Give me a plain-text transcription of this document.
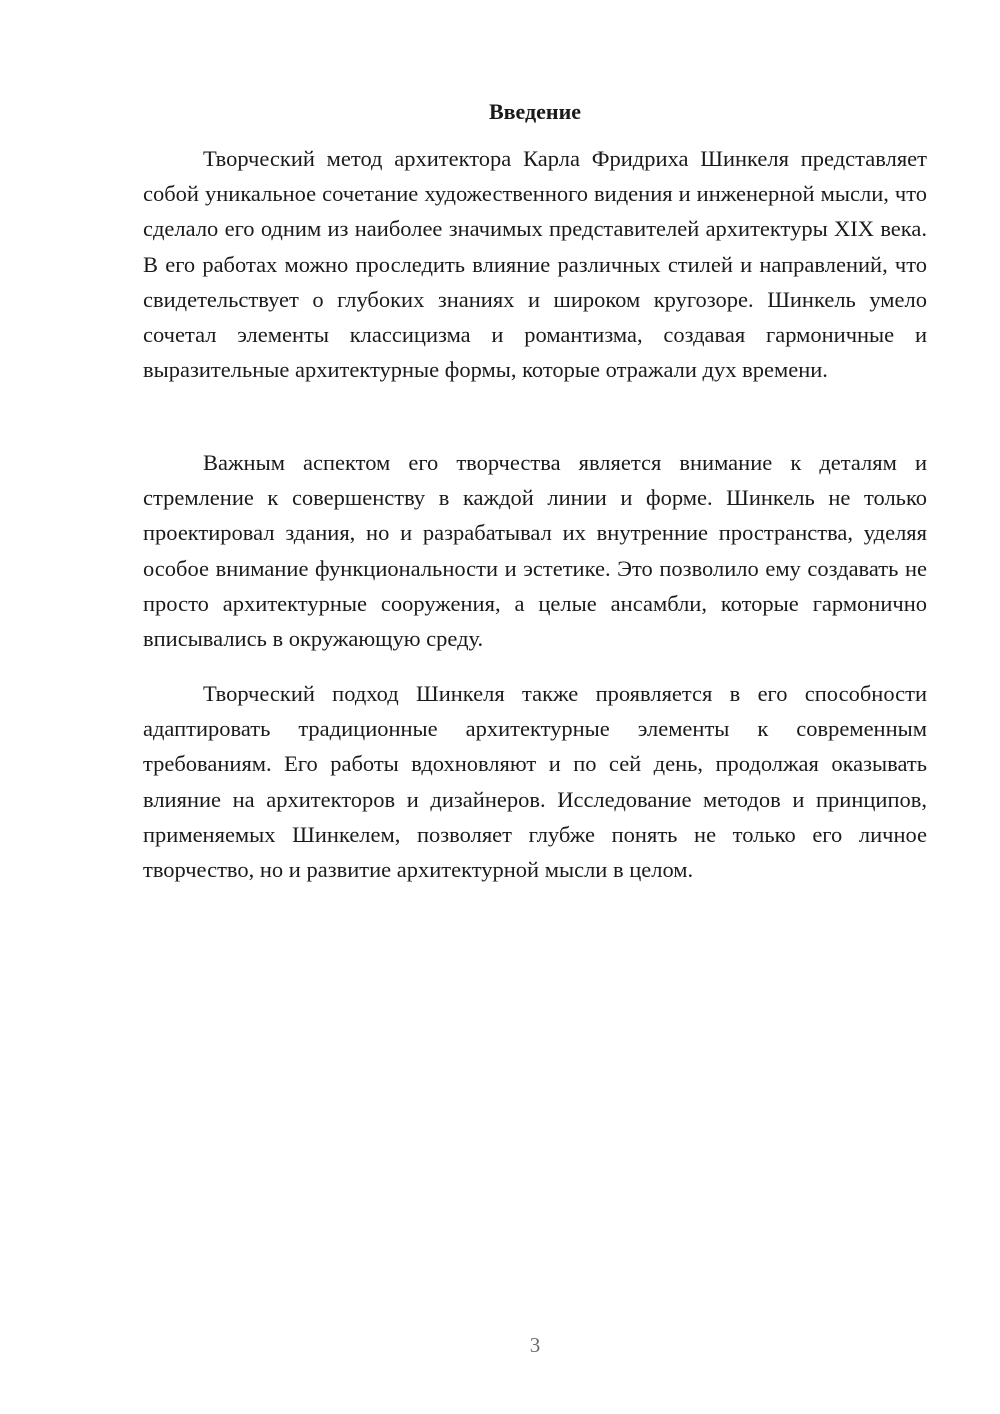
Введение

Творческий метод архитектора Карла Фридриха Шинкеля представляет собой уникальное сочетание художественного видения и инженерной мысли, что сделало его одним из наиболее значимых представителей архитектуры XIX века. В его работах можно проследить влияние различных стилей и направлений, что свидетельствует о глубоких знаниях и широком кругозоре. Шинкель умело сочетал элементы классицизма и романтизма, создавая гармоничные и выразительные архитектурные формы, которые отражали дух времени.

Важным аспектом его творчества является внимание к деталям и стремление к совершенству в каждой линии и форме. Шинкель не только проектировал здания, но и разрабатывал их внутренние пространства, уделяя особое внимание функциональности и эстетике. Это позволило ему создавать не просто архитектурные сооружения, а целые ансамбли, которые гармонично вписывались в окружающую среду.

Творческий подход Шинкеля также проявляется в его способности адаптировать традиционные архитектурные элементы к современным требованиям. Его работы вдохновляют и по сей день, продолжая оказывать влияние на архитекторов и дизайнеров. Исследование методов и принципов, применяемых Шинкелем, позволяет глубже понять не только его личное творчество, но и развитие архитектурной мысли в целом.

3
